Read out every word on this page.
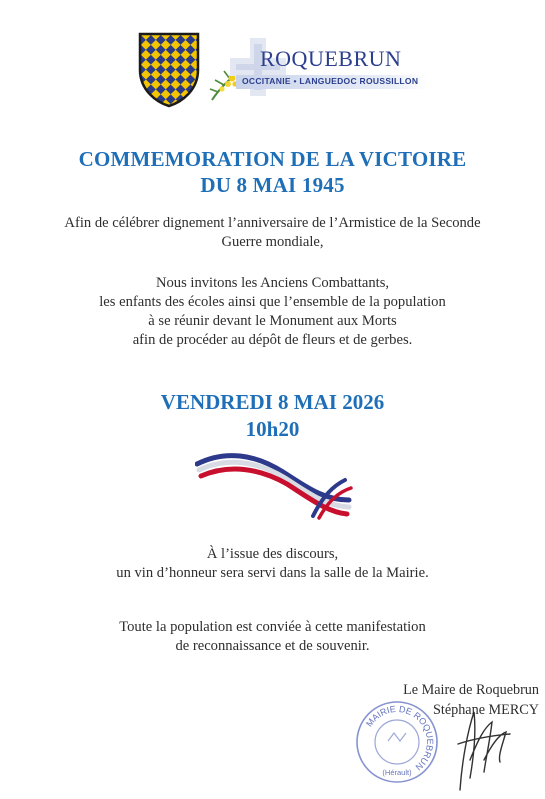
ROQUEBRUN
OCCITANIE • LANGUEDOC ROUSSILLON
COMMEMORATION DE LA VICTOIRE
DU 8 MAI 1945
Afin de célébrer dignement l’anniversaire de l’Armistice de la Seconde
Guerre mondiale,
Nous invitons les Anciens Combattants,
les enfants des écoles ainsi que l’ensemble de la population
à se réunir devant le Monument aux Morts
afin de procéder au dépôt de fleurs et de gerbes.
VENDREDI 8 MAI 2026
10h20
À l’issue des discours,
un vin d’honneur sera servi dans la salle de la Mairie.
Toute la population est conviée à cette manifestation
de reconnaissance et de souvenir.
MAIRIE DE ROQUEBRUN
(Hérault)
Le Maire de Roquebrun
Stéphane MERCY
